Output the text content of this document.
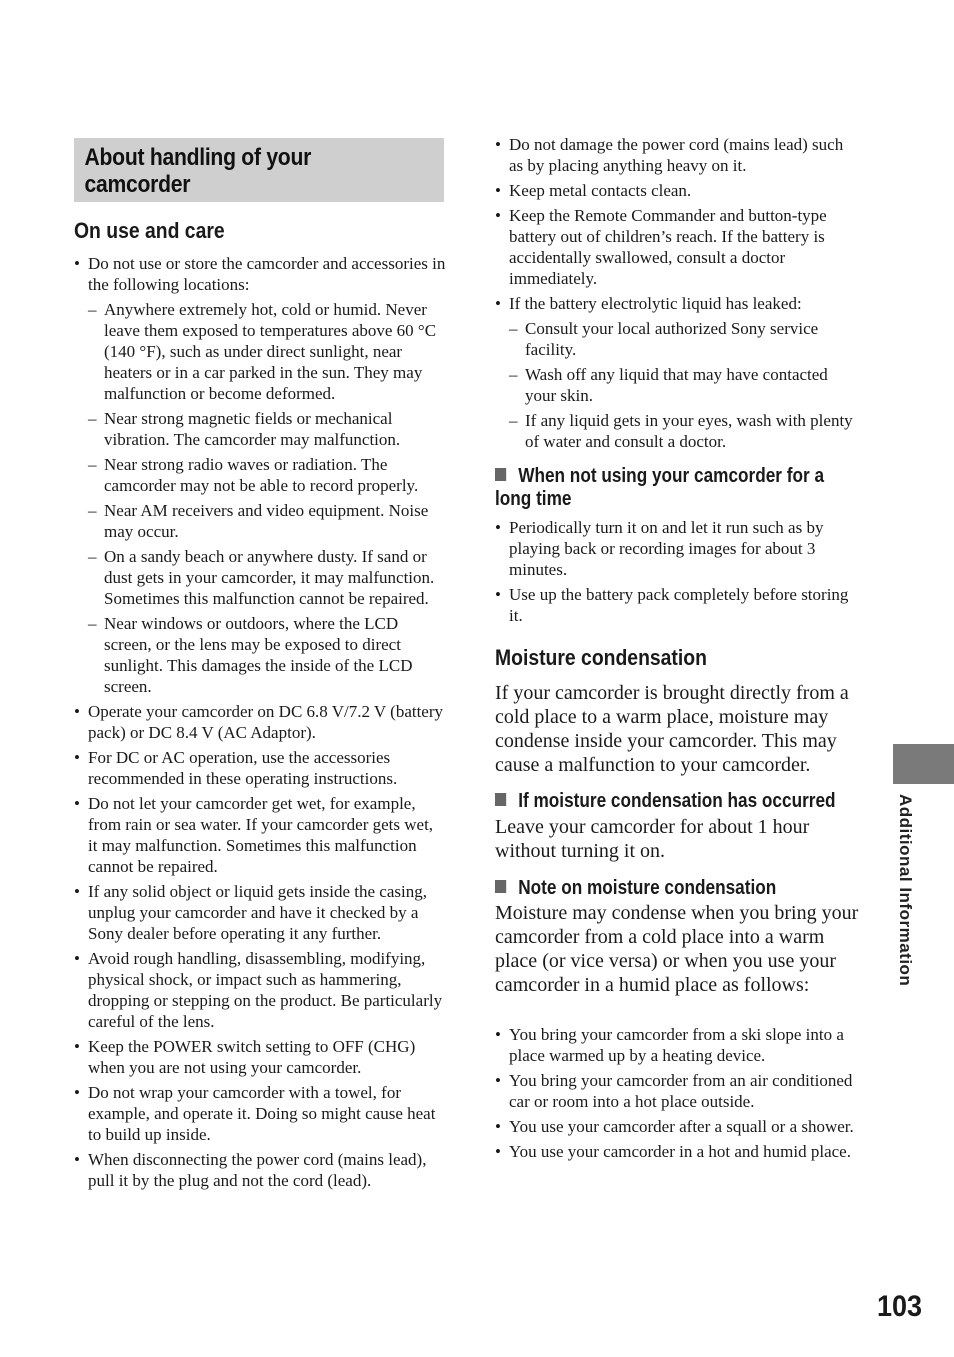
About handling of your camcorder
On use and care
• Do not use or store the camcorder and accessories in the following locations:
– Anywhere extremely hot, cold or humid. Never leave them exposed to temperatures above 60 °C (140 °F), such as under direct sunlight, near heaters or in a car parked in the sun. They may malfunction or become deformed.
– Near strong magnetic fields or mechanical vibration. The camcorder may malfunction.
– Near strong radio waves or radiation. The camcorder may not be able to record properly.
– Near AM receivers and video equipment. Noise may occur.
– On a sandy beach or anywhere dusty. If sand or dust gets in your camcorder, it may malfunction. Sometimes this malfunction cannot be repaired.
– Near windows or outdoors, where the LCD screen, or the lens may be exposed to direct sunlight. This damages the inside of the LCD screen.
• Operate your camcorder on DC 6.8 V/7.2 V (battery pack) or DC 8.4 V (AC Adaptor).
• For DC or AC operation, use the accessories recommended in these operating instructions.
• Do not let your camcorder get wet, for example, from rain or sea water. If your camcorder gets wet, it may malfunction. Sometimes this malfunction cannot be repaired.
• If any solid object or liquid gets inside the casing, unplug your camcorder and have it checked by a Sony dealer before operating it any further.
• Avoid rough handling, disassembling, modifying, physical shock, or impact such as hammering, dropping or stepping on the product. Be particularly careful of the lens.
• Keep the POWER switch setting to OFF (CHG) when you are not using your camcorder.
• Do not wrap your camcorder with a towel, for example, and operate it. Doing so might cause heat to build up inside.
• When disconnecting the power cord (mains lead), pull it by the plug and not the cord (lead).
• Do not damage the power cord (mains lead) such as by placing anything heavy on it.
• Keep metal contacts clean.
• Keep the Remote Commander and button-type battery out of children’s reach. If the battery is accidentally swallowed, consult a doctor immediately.
• If the battery electrolytic liquid has leaked:
– Consult your local authorized Sony service facility.
– Wash off any liquid that may have contacted your skin.
– If any liquid gets in your eyes, wash with plenty of water and consult a doctor.
When not using your camcorder for a long time
• Periodically turn it on and let it run such as by playing back or recording images for about 3 minutes.
• Use up the battery pack completely before storing it.
Moisture condensation

If your camcorder is brought directly from a cold place to a warm place, moisture may condense inside your camcorder. This may cause a malfunction to your camcorder.

If moisture condensation has occurred

Leave your camcorder for about 1 hour without turning it on.

Note on moisture condensation

Moisture may condense when you bring your camcorder from a cold place into a warm place (or vice versa) or when you use your camcorder in a humid place as follows:

• You bring your camcorder from a ski slope into a place warmed up by a heating device.
• You bring your camcorder from an air conditioned car or room into a hot place outside.
• You use your camcorder after a squall or a shower.
• You use your camcorder in a hot and humid place.
Additional Information
103
